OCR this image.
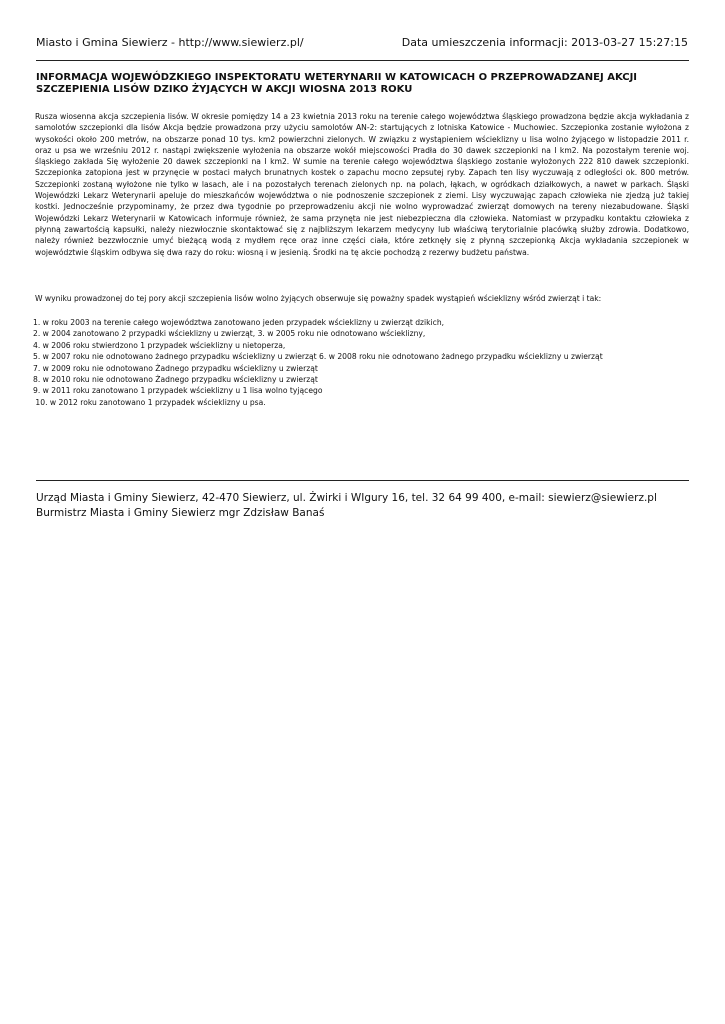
Miasto i Gmina Siewierz - http://www.siewierz.pl/	Data umieszczenia informacji: 2013-03-27 15:27:15
INFORMACJA WOJEWÓDZKIEGO INSPEKTORATU WETERYNARII W KATOWICACH O PRZEPROWADZANEJ AKCJI SZCZEPIENIA LISÓW DZIKO ŻYJĄCYCH W AKCJI WIOSNA 2013 ROKU

Rusza wiosenna akcja szczepienia lisów. W okresie pomiędzy 14 a 23 kwietnia 2013 roku na terenie całego województwa śląskiego prowadzona będzie akcja wykładania z samolotów szczepionki dla lisów Akcja będzie prowadzona przy użyciu samolotów AN-2: startujących z lotniska Katowice - Muchowiec. Szczepionka zostanie wyłożona z wysokości około 200 metrów, na obszarze ponad 10 tys. km2 powierzchni zielonych. W związku z wystąpieniem wścieklizny u lisa wolno żyjącego w listopadzie 2011 r. oraz u psa we wrześniu 2012 r. nastąpi zwiększenie wyłożenia na obszarze wokół miejscowości Pradła do 30 dawek szczepionki na I km2. Na pozostałym terenie woj. śląskiego zakłada Się wyłożenie 20 dawek szczepionki na I km2. W sumie na terenie całego województwa śląskiego zostanie wyłożonych 222 810 dawek szczepionki. Szczepionka zatopiona jest w przynęcie w postaci małych brunatnych kostek o zapachu mocno zepsutej ryby. Zapach ten lisy wyczuwają z odległości ok. 800 metrów. Szczepionki zostaną wyłożone nie tylko w lasach, ale i na pozostałych terenach zielonych np. na polach, łąkach, w ogródkach działkowych, a nawet w parkach. Śląski Wojewódzki Lekarz Weterynarii apeluje do mieszkańców województwa o nie podnoszenie szczepionek z ziemi. Lisy wyczuwając zapach człowieka nie zjedzą już takiej kostki. Jednocześnie przypominamy, że przez dwa tygodnie po przeprowadzeniu akcji nie wolno wyprowadzać zwierząt domowych na tereny niezabudowane. Śląski Wojewódzki Lekarz Weterynarii w Katowicach informuje również, że sama przynęta nie jest niebezpieczna dla człowieka. Natomiast w przypadku kontaktu człowieka z płynną zawartością kapsułki, należy niezwłocznie skontaktować się z najbliższym lekarzem medycyny lub właściwą terytorialnie placówką służby zdrowia. Dodatkowo, należy również bezzwłocznie umyć bieżącą wodą z mydłem ręce oraz inne części ciała, które zetknęły się z płynną szczepionką Akcja wykładania szczepionek w województwie śląskim odbywa się dwa razy do roku: wiosną i w jesienią. Środki na tę akcie pochodzą z rezerwy budżetu państwa.

W wyniku prowadzonej do tej pory akcji szczepienia lisów wolno żyjących obserwuje się poważny spadek wystąpień wścieklizny wśród zwierząt i tak:

1. w roku 2003 na terenie całego województwa zanotowano jeden przypadek wścieklizny u zwierząt dzikich,
2. w 2004 zanotowano 2 przypadki wścieklizny u zwierząt, 3. w 2005 roku nie odnotowano wścieklizny,
4. w 2006 roku stwierdzono 1 przypadek wścieklizny u nietoperza,
5. w 2007 roku nie odnotowano żadnego przypadku wścieklizny u zwierząt 6. w 2008 roku nie odnotowano żadnego przypadku wścieklizny u zwierząt
7. w 2009 roku nie odnotowano Żadnego przypadku wścieklizny u zwierząt
8. w 2010 roku nie odnotowano Żadnego przypadku wścieklizny u zwierząt
9. w 2011 roku zanotowano 1 przypadek wścieklizny u 1 lisa wolno tyjącego
10. w 2012 roku zanotowano 1 przypadek wścieklizny u psa.
Urząd Miasta i Gminy Siewierz, 42-470 Siewierz, ul. Żwirki i WIgury 16, tel. 32 64 99 400, e-mail: siewierz@siewierz.pl
Burmistrz Miasta i Gminy Siewierz mgr Zdzisław Banaś
